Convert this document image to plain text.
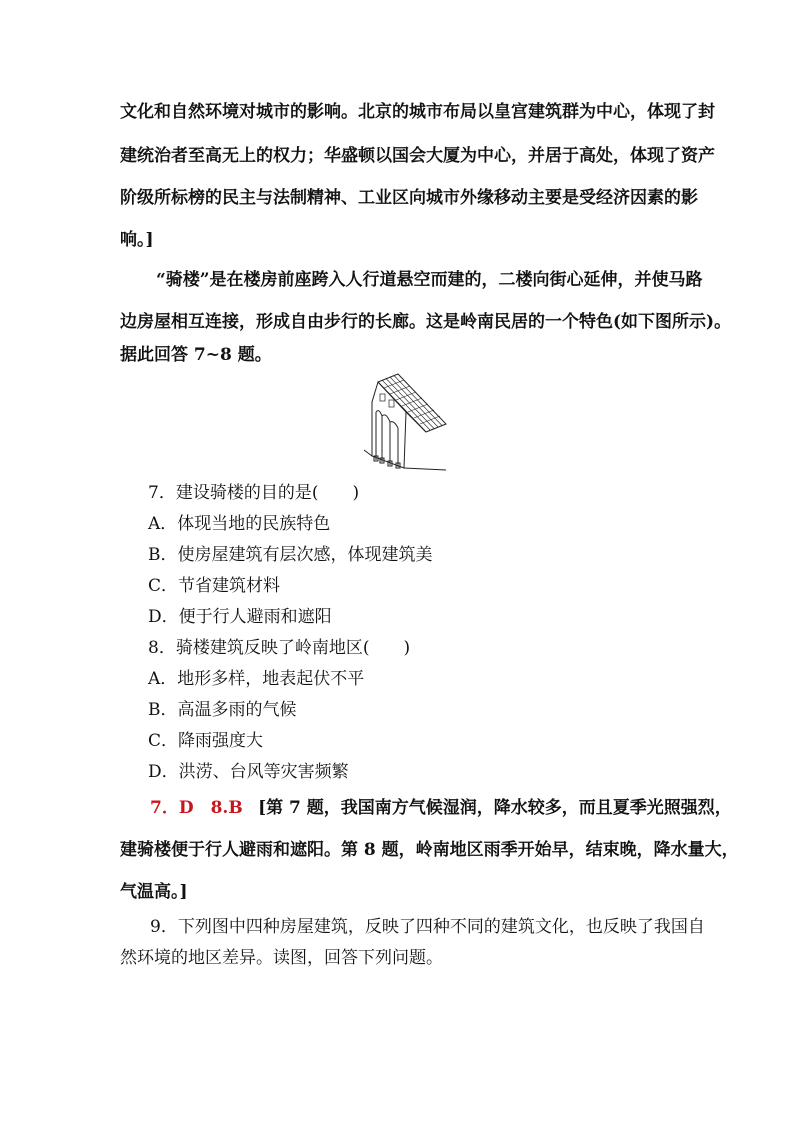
文化和自然环境对城市的影响。北京的城市布局以皇宫建筑群为中心，体现了封
建统治者至高无上的权力；华盛顿以国会大厦为中心，并居于高处，体现了资产
阶级所标榜的民主与法制精神、工业区向城市外缘移动主要是受经济因素的影
响。]
“骑楼”是在楼房前座跨入人行道悬空而建的，二楼向街心延伸，并使马路
边房屋相互连接，形成自由步行的长廊。这是岭南民居的一个特色(如下图所示)。
据此回答 7~8 题。
7．建设骑楼的目的是(　　)
A．体现当地的民族特色
B．使房屋建筑有层次感，体现建筑美
C．节省建筑材料
D．便于行人避雨和遮阳
8．骑楼建筑反映了岭南地区(　　)
A．地形多样，地表起伏不平
B．高温多雨的气候
C．降雨强度大
D．洪涝、台风等灾害频繁
7．D　8.B [第 7 题，我国南方气候湿润，降水较多，而且夏季光照强烈，
建骑楼便于行人避雨和遮阳。第 8 题，岭南地区雨季开始早，结束晚，降水量大，
气温高。]
9．下列图中四种房屋建筑，反映了四种不同的建筑文化，也反映了我国自
然环境的地区差异。读图，回答下列问题。
